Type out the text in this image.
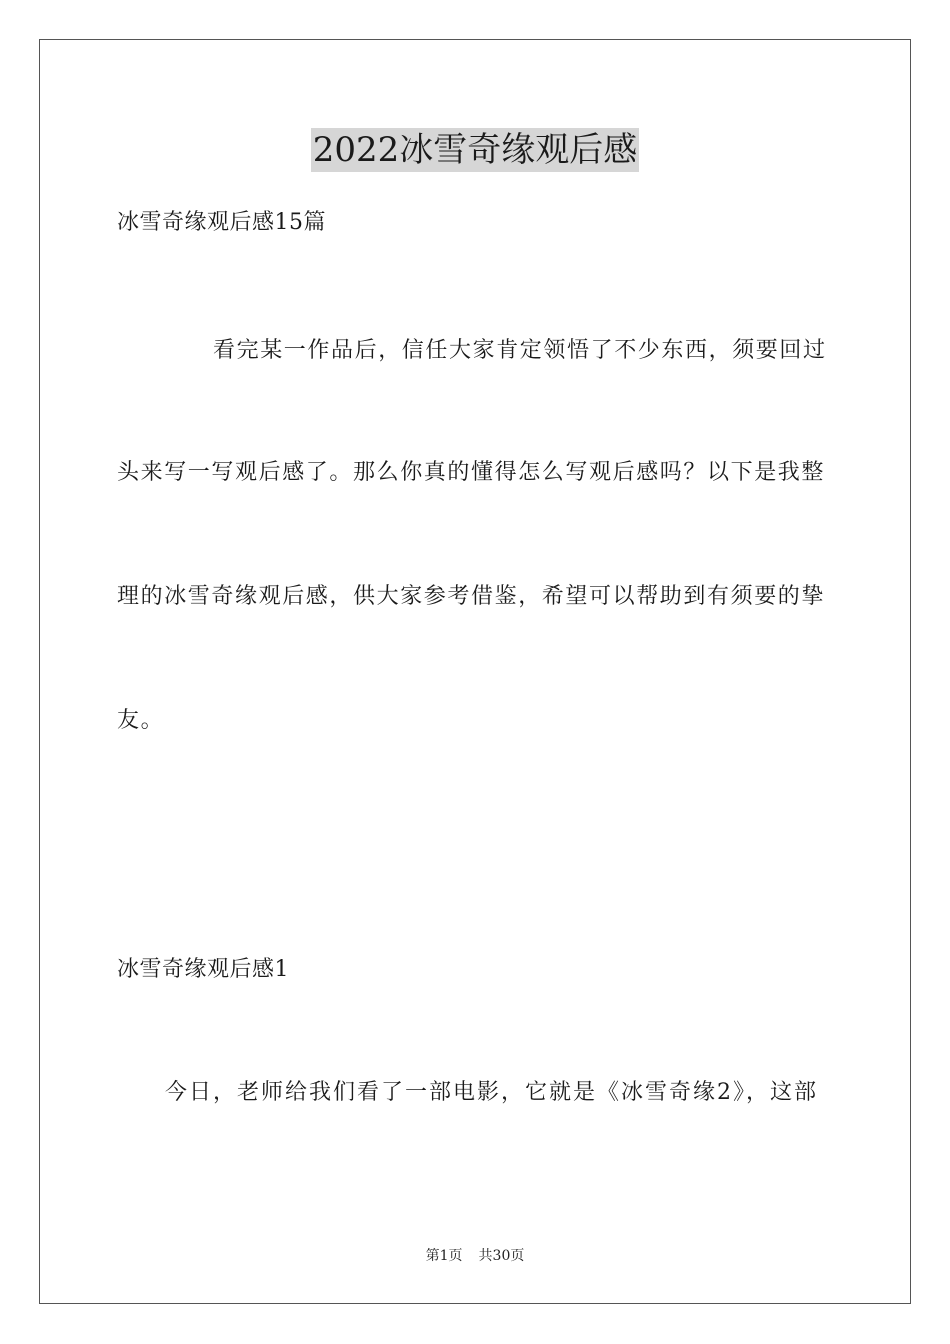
2022冰雪奇缘观后感
冰雪奇缘观后感15篇
看完某一作品后，信任大家肯定领悟了不少东西，须要回过
头来写一写观后感了。那么你真的懂得怎么写观后感吗？以下是我整
理的冰雪奇缘观后感，供大家参考借鉴，希望可以帮助到有须要的挚
友。
冰雪奇缘观后感1
今日，老师给我们看了一部电影，它就是《冰雪奇缘2》，这部
第1页 共30页
